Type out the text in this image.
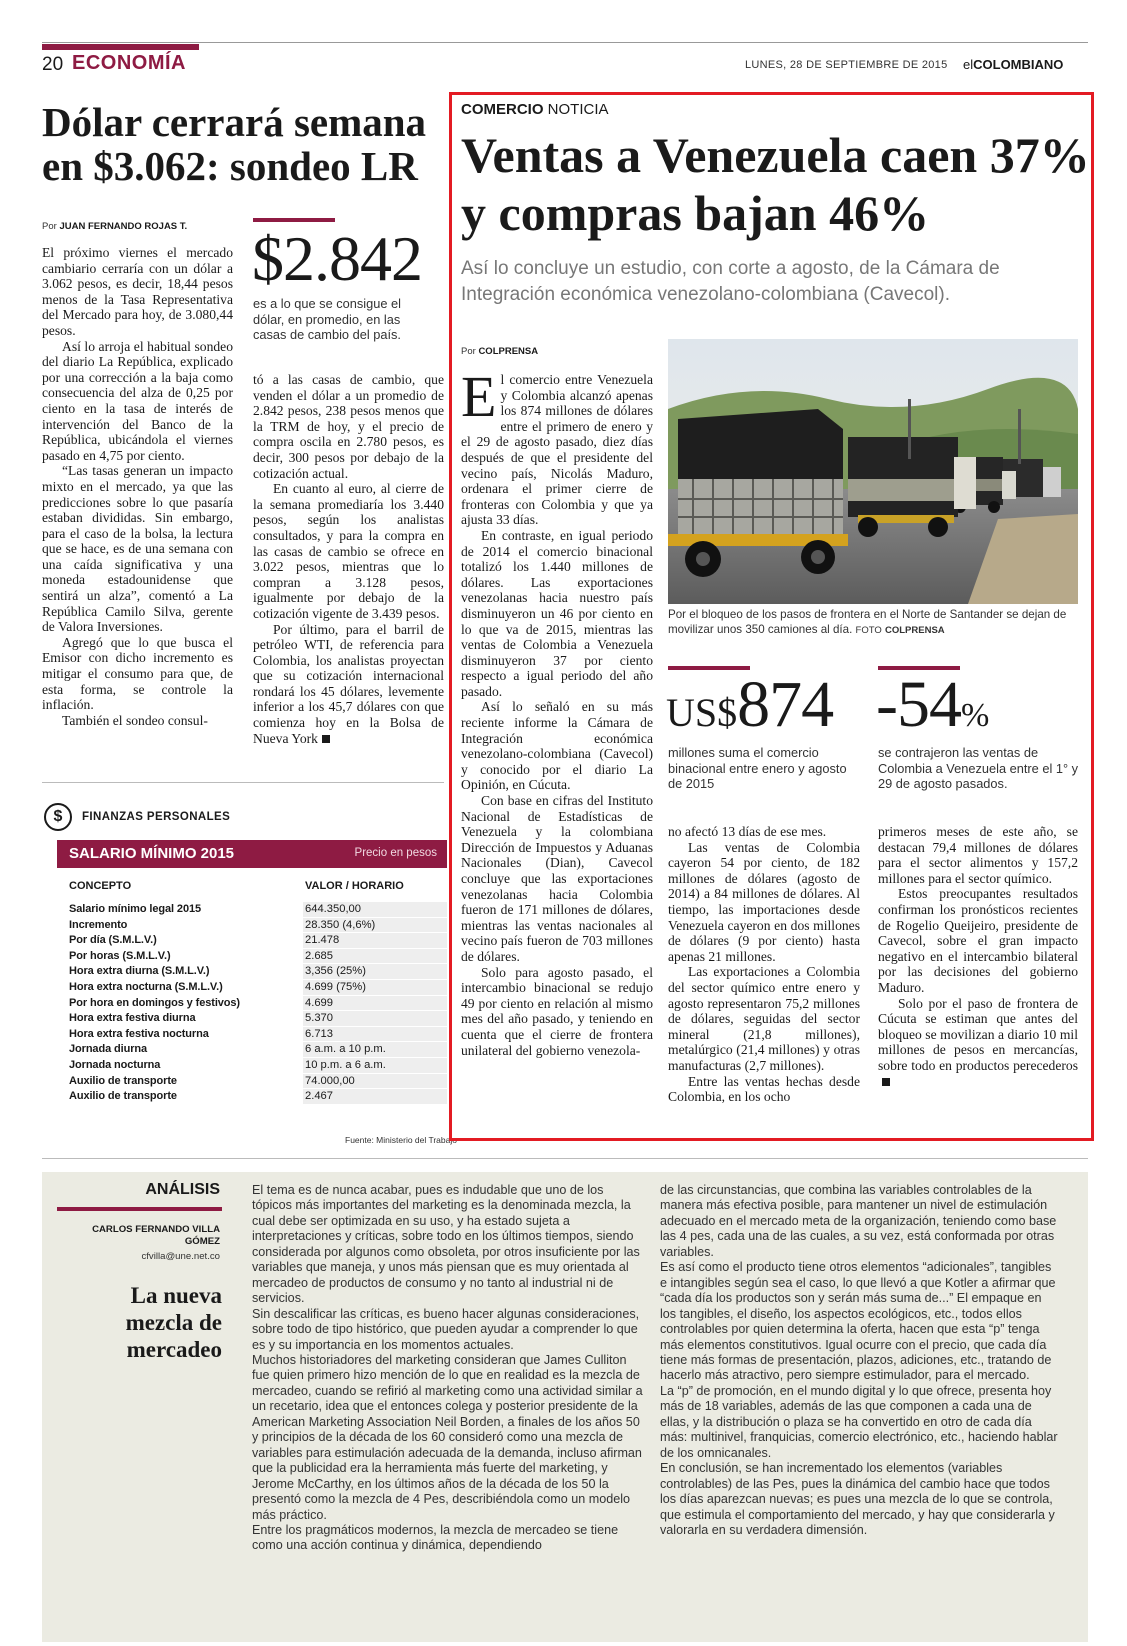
20 ECONOMÍA	LUNES, 28 DE SEPTIEMBRE DE 2015 elCOLOMBIANO
Dólar cerrará semana en $3.062: sondeo LR
Por JUAN FERNANDO ROJAS T. $2.842
es a lo que se consigue el dólar, en promedio, en las casas de cambio del país.

El próximo viernes el mercado cambiario cerraría con un dólar a 3.062 pesos, es decir, 18,44 pesos menos de la Tasa Representativa del Mercado para hoy, de 3.080,44 pesos.

Así lo arroja el habitual sondeo del diario La República, explicado por una corrección a la baja como consecuencia del alza de 0,25 por ciento en la tasa de interés de intervención del Banco de la República, ubicándola el viernes pasado en 4,75 por ciento.

“Las tasas generan un impacto mixto en el mercado, ya que las predicciones sobre lo que pasaría estaban divididas. Sin embargo, para el caso de la bolsa, la lectura que se hace, es de una semana con una caída significativa y una moneda estadounidense que sentirá un alza”, comentó a La República Camilo Silva, gerente de Valora Inversiones.

Agregó que lo que busca el Emisor con dicho incremento es mitigar el consumo para que, de esta forma, se controle la inflación.

También el sondeo consul-

tó a las casas de cambio, que venden el dólar a un promedio de 2.842 pesos, 238 pesos menos que la TRM de hoy, y el precio de compra oscila en 2.780 pesos, es decir, 300 pesos por debajo de la cotización actual.

En cuanto al euro, al cierre de la semana promediaría los 3.440 pesos, según los analistas consultados, y para la compra en las casas de cambio se ofrece en 3.022 pesos, mientras que lo compran a 3.128 pesos, igualmente por debajo de la cotización vigente de 3.439 pesos.

Por último, para el barril de petróleo WTI, de referencia para Colombia, los analistas proyectan que su cotización internacional rondará los 45 dólares, levemente inferior a los 45,7 dólares con que comienza hoy en la Bolsa de Nueva York

$	FINANZAS PERSONALES
SALARIO MÍNIMO 2015	Precio en pesos
CONCEPTO	VALOR / HORARIO
Salario mínimo legal 2015	644.350,00
Incremento	28.350 (4,6%)
Por día (S.M.L.V.)	21.478
Por horas (S.M.L.V.)	2.685
Hora extra diurna (S.M.L.V.)	3,356 (25%)
Hora extra nocturna (S.M.L.V.)	4.699 (75%)
Por hora en domingos y festivos)	4.699
Hora extra festiva diurna	5.370
Hora extra festiva nocturna	6.713
Jornada diurna	6 a.m. a 10 p.m.
Jornada nocturna	10 p.m. a 6 a.m.
Auxilio de transporte	74.000,00
Auxilio de transporte	2.467
Fuente: Ministerio del Trabajo
COMERCIO NOTICIA
Ventas a Venezuela caen 37% y compras bajan 46%
Así lo concluye un estudio, con corte a agosto, de la Cámara de Integración económica venezolano-colombiana (Cavecol).
Por COLPRENSA
Por el bloqueo de los pasos de frontera en el Norte de Santander se dejan de movilizar unos 350 camiones al día. FOTO COLPRENSA
US$874
millones suma el comercio binacional entre enero y agosto de 2015
-54%
se contrajeron las ventas de Colombia a Venezuela entre el 1° y 29 de agosto pasados.

El comercio entre Venezuela y Colombia alcanzó apenas los 874 millones de dólares entre el primero de enero y el 29 de agosto pasado, diez días después de que el presidente del vecino país, Nicolás Maduro, ordenara el primer cierre de fronteras con Colombia y que ya ajusta 33 días.

En contraste, en igual periodo de 2014 el comercio binacional totalizó los 1.440 millones de dólares. Las exportaciones venezolanas hacia nuestro país disminuyeron un 46 por ciento en lo que va de 2015, mientras las ventas de Colombia a Venezuela disminuyeron 37 por ciento respecto a igual periodo del año pasado.

Así lo señaló en su más reciente informe la Cámara de Integración económica venezolano-colombiana (Cavecol) y conocido por el diario La Opinión, en Cúcuta.

Con base en cifras del Instituto Nacional de Estadísticas de Venezuela y la colombiana Dirección de Impuestos y Aduanas Nacionales (Dian), Cavecol concluye que las exportaciones venezolanas hacia Colombia fueron de 171 millones de dólares, mientras las ventas nacionales al vecino país fueron de 703 millones de dólares.

Solo para agosto pasado, el intercambio binacional se redujo 49 por ciento en relación al mismo mes del año pasado, y teniendo en cuenta que el cierre de frontera unilateral del gobierno venezola-

no afectó 13 días de ese mes.

Las ventas de Colombia cayeron 54 por ciento, de 182 millones de dólares (agosto de 2014) a 84 millones de dólares. Al tiempo, las importaciones desde Venezuela cayeron en dos millones de dólares (9 por ciento) hasta apenas 21 millones.

Las exportaciones a Colombia del sector químico entre enero y agosto representaron 75,2 millones de dólares, seguidas del sector mineral (21,8 millones), metalúrgico (21,4 millones) y otras manufacturas (2,7 millones).

Entre las ventas hechas desde Colombia, en los ocho

primeros meses de este año, se destacan 79,4 millones de dólares para el sector alimentos y 157,2 millones para el sector químico.

Estos preocupantes resultados confirman los pronósticos recientes de Rogelio Queijeiro, presidente de Cavecol, sobre el gran impacto negativo en el intercambio bilateral por las decisiones del gobierno Maduro.

Solo por el paso de frontera de Cúcuta se estiman que antes del bloqueo se movilizan a diario 10 mil millones de pesos en mercancías, sobre todo en productos perecederos

ANÁLISIS
CARLOS FERNANDO VILLA GÓMEZ
cfvilla@une.net.co
La nueva mezcla de mercadeo

El tema es de nunca acabar, pues es indudable que uno de los tópicos más importantes del marketing es la denominada mezcla, la cual debe ser optimizada en su uso, y ha estado sujeta a interpretaciones y críticas, sobre todo en los últimos tiempos, siendo considerada por algunos como obsoleta, por otros insuficiente por las variables que maneja, y unos más piensan que es muy orientada al mercadeo de productos de consumo y no tanto al industrial ni de servicios.

Sin descalificar las críticas, es bueno hacer algunas consideraciones, sobre todo de tipo histórico, que pueden ayudar a comprender lo que es y su importancia en los momentos actuales.

Muchos historiadores del marketing consideran que James Culliton fue quien primero hizo mención de lo que en realidad es la mezcla de mercadeo, cuando se refirió al marketing como una actividad similar a un recetario, idea que el entonces colega y posterior presidente de la American Marketing Association Neil Borden, a finales de los años 50 y principios de la década de los 60 consideró como una mezcla de variables para estimulación adecuada de la demanda, incluso afirman que la publicidad era la herramienta más fuerte del marketing, y Jerome McCarthy, en los últimos años de la década de los 50 la presentó como la mezcla de 4 Pes, describiéndola como un modelo más práctico.

Entre los pragmáticos modernos, la mezcla de mercadeo se tiene como una acción continua y dinámica, dependiendo

de las circunstancias, que combina las variables controlables de la manera más efectiva posible, para mantener un nivel de estimulación adecuado en el mercado meta de la organización, teniendo como base las 4 pes, cada una de las cuales, a su vez, está conformada por otras variables.

Es así como el producto tiene otros elementos “adicionales”, tangibles e intangibles según sea el caso, lo que llevó a que Kotler a afirmar que “cada día los productos son y serán más suma de...” El empaque en los tangibles, el diseño, los aspectos ecológicos, etc., todos ellos controlables por quien determina la oferta, hacen que esta “p” tenga más elementos constitutivos. Igual ocurre con el precio, que cada día tiene más formas de presentación, plazos, adiciones, etc., tratando de hacerlo más atractivo, pero siempre estimulador, para el mercado.

La “p” de promoción, en el mundo digital y lo que ofrece, presenta hoy más de 18 variables, además de las que componen a cada una de ellas, y la distribución o plaza se ha convertido en otro de cada día más: multinivel, franquicias, comercio electrónico, etc., haciendo hablar de los omnicanales.

En conclusión, se han incrementado los elementos (variables controlables) de las Pes, pues la dinámica del cambio hace que todos los días aparezcan nuevas; es pues una mezcla de lo que se controla, que estimula el comportamiento del mercado, y hay que considerarla y valorarla en su verdadera dimensión.
